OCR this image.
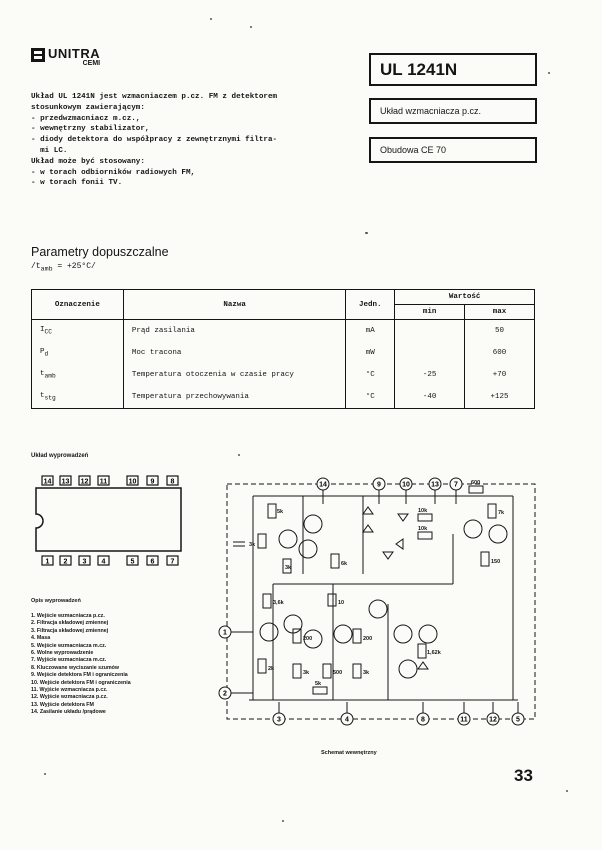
UNITRA
CEMI	UL 1241N
Układ wzmacniacza p.cz.
Obudowa CE 70
Układ UL 1241N jest wzmacniaczem p.cz. FM z detektorem
stosunkowym zawierającym:
- przedwzmacniacz m.cz.,
- wewnętrzny stabilizator,
- diody detektora do współpracy z zewnętrznymi filtra-
mi LC.
Układ może być stosowany:
- w torach odbiorników radiowych FM,
- w torach fonii TV.
Parametry dopuszczalne
$/t_{amb} = +25^\circ C/$
Oznaczenie	Nazwa	Jedn.	Wartość	
			min	max
$I_{CC}$	Prąd zasilania	mA		50
$P_d$	Moc tracona	mW		600
$t_{amb}$	Temperatura otoczenia w czasie pracy	°C	-25	+70
$t_{stg}$	Temperatura przechowywania	°C	-40	+125
Układ wyprowadzeń
14 13 12 11	10 9 8
1 2 3 4	5 6 7
Opis wyprowadzeń
1. Wejście wzmacniacza p.cz.
2. Filtracja składowej zmiennej
3. Filtracja składowej zmiennej
4. Masa
5. Wejście wzmacniacza m.cz.
6. Wolne wyprowadzenie
7. Wyjście wzmacniacza m.cz.
8. Kluczowane wyciszanie szumów
9. Wejście detektora FM i ograniczenia
10. Wejście detektora FM i ograniczenia
11. Wyjście wzmacniacza p.cz.
12. Wyjście wzmacniacza p.cz.
13. Wyjście detektora FM
14. Zasilanie układu /prądowe
5k
3k
3k
6k
10k
10k
600
7k
150
3,6k	10
200	200
2k
3k	500	3k
5k
1,62k
14	9	10	13 7
3	4	8	11	12	5
1
2
Schemat wewnętrzny
33
